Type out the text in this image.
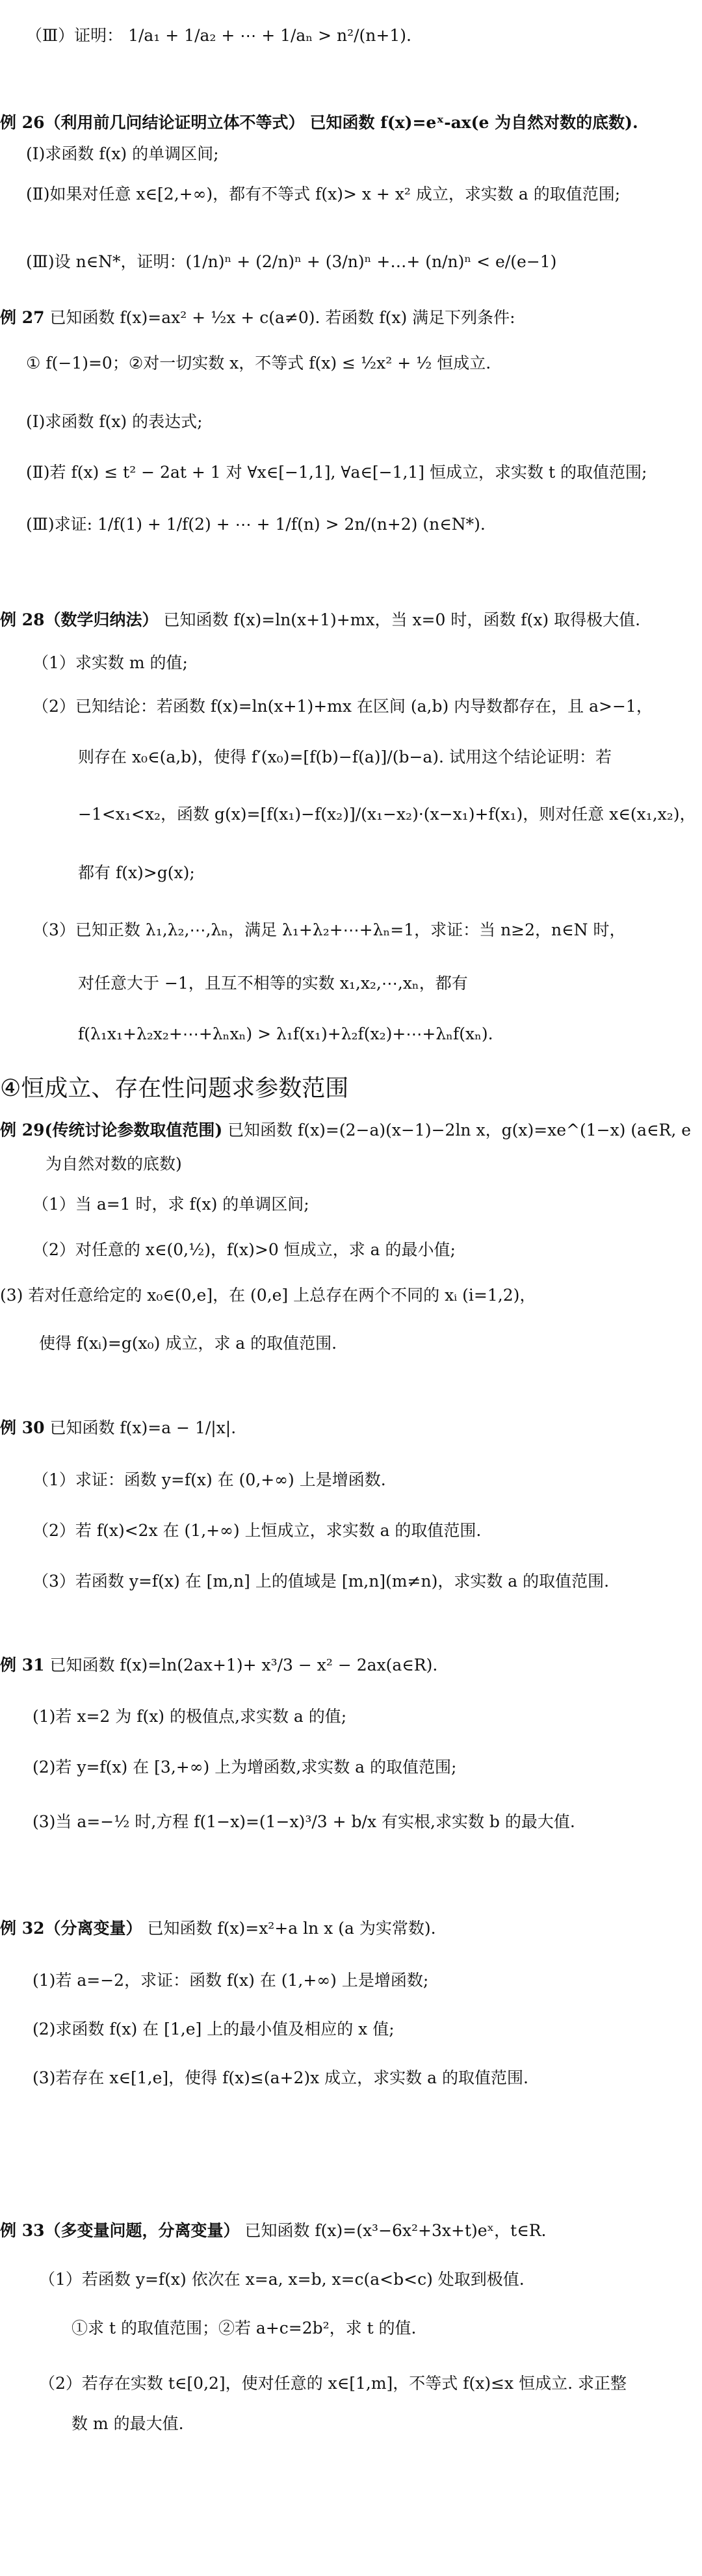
（Ⅲ）证明： 1/a₁ + 1/a₂ + ⋯ + 1/aₙ > n²/(n+1).
例 26（利用前几问结论证明立体不等式） 已知函数 f(x)=eˣ-ax(e 为自然对数的底数).
(Ⅰ)求函数 f(x) 的单调区间;
(Ⅱ)如果对任意 x∈[2,+∞)，都有不等式 f(x)> x + x² 成立，求实数 a 的取值范围;
(Ⅲ)设 n∈N*，证明：(1/n)ⁿ + (2/n)ⁿ + (3/n)ⁿ +…+ (n/n)ⁿ < e/(e−1)
例 27 已知函数 f(x)=ax² + ½x + c(a≠0). 若函数 f(x) 满足下列条件:
① f(−1)=0；②对一切实数 x，不等式 f(x) ≤ ½x² + ½ 恒成立.
(Ⅰ)求函数 f(x) 的表达式;
(Ⅱ)若 f(x) ≤ t² − 2at + 1 对 ∀x∈[−1,1], ∀a∈[−1,1] 恒成立，求实数 t 的取值范围;
(Ⅲ)求证: 1/f(1) + 1/f(2) + ⋯ + 1/f(n) > 2n/(n+2) (n∈N*).
例 28（数学归纳法） 已知函数 f(x)=ln(x+1)+mx，当 x=0 时，函数 f(x) 取得极大值.
（1）求实数 m 的值;
（2）已知结论：若函数 f(x)=ln(x+1)+mx 在区间 (a,b) 内导数都存在，且 a>−1，
则存在 x₀∈(a,b)，使得 f′(x₀)=[f(b)−f(a)]/(b−a). 试用这个结论证明：若
−1<x₁<x₂，函数 g(x)=[f(x₁)−f(x₂)]/(x₁−x₂)·(x−x₁)+f(x₁)，则对任意 x∈(x₁,x₂)，
都有 f(x)>g(x);
（3）已知正数 λ₁,λ₂,⋯,λₙ，满足 λ₁+λ₂+⋯+λₙ=1，求证：当 n≥2，n∈N 时，
对任意大于 −1，且互不相等的实数 x₁,x₂,⋯,xₙ，都有
f(λ₁x₁+λ₂x₂+⋯+λₙxₙ) > λ₁f(x₁)+λ₂f(x₂)+⋯+λₙf(xₙ).
④恒成立、存在性问题求参数范围
例 29(传统讨论参数取值范围) 已知函数 f(x)=(2−a)(x−1)−2ln x，g(x)=xe^(1−x) (a∈R, e
为自然对数的底数)
（1）当 a=1 时，求 f(x) 的单调区间;
（2）对任意的 x∈(0,½)，f(x)>0 恒成立，求 a 的最小值;
(3) 若对任意给定的 x₀∈(0,e]，在 (0,e] 上总存在两个不同的 xᵢ (i=1,2)，
使得 f(xᵢ)=g(x₀) 成立，求 a 的取值范围.
例 30 已知函数 f(x)=a − 1/|x|.
（1）求证：函数 y=f(x) 在 (0,+∞) 上是增函数.
（2）若 f(x)<2x 在 (1,+∞) 上恒成立，求实数 a 的取值范围.
（3）若函数 y=f(x) 在 [m,n] 上的值域是 [m,n](m≠n)，求实数 a 的取值范围.
例 31 已知函数 f(x)=ln(2ax+1)+ x³/3 − x² − 2ax(a∈R).
(1)若 x=2 为 f(x) 的极值点,求实数 a 的值;
(2)若 y=f(x) 在 [3,+∞) 上为增函数,求实数 a 的取值范围;
(3)当 a=−½ 时,方程 f(1−x)=(1−x)³/3 + b/x 有实根,求实数 b 的最大值.
例 32（分离变量） 已知函数 f(x)=x²+a ln x (a 为实常数).
(1)若 a=−2，求证：函数 f(x) 在 (1,+∞) 上是增函数;
(2)求函数 f(x) 在 [1,e] 上的最小值及相应的 x 值;
(3)若存在 x∈[1,e]，使得 f(x)≤(a+2)x 成立，求实数 a 的取值范围.
例 33（多变量问题，分离变量） 已知函数 f(x)=(x³−6x²+3x+t)eˣ，t∈R.
（1）若函数 y=f(x) 依次在 x=a, x=b, x=c(a<b<c) 处取到极值.
①求 t 的取值范围；②若 a+c=2b²，求 t 的值.
（2）若存在实数 t∈[0,2]，使对任意的 x∈[1,m]，不等式 f(x)≤x 恒成立. 求正整
数 m 的最大值.
